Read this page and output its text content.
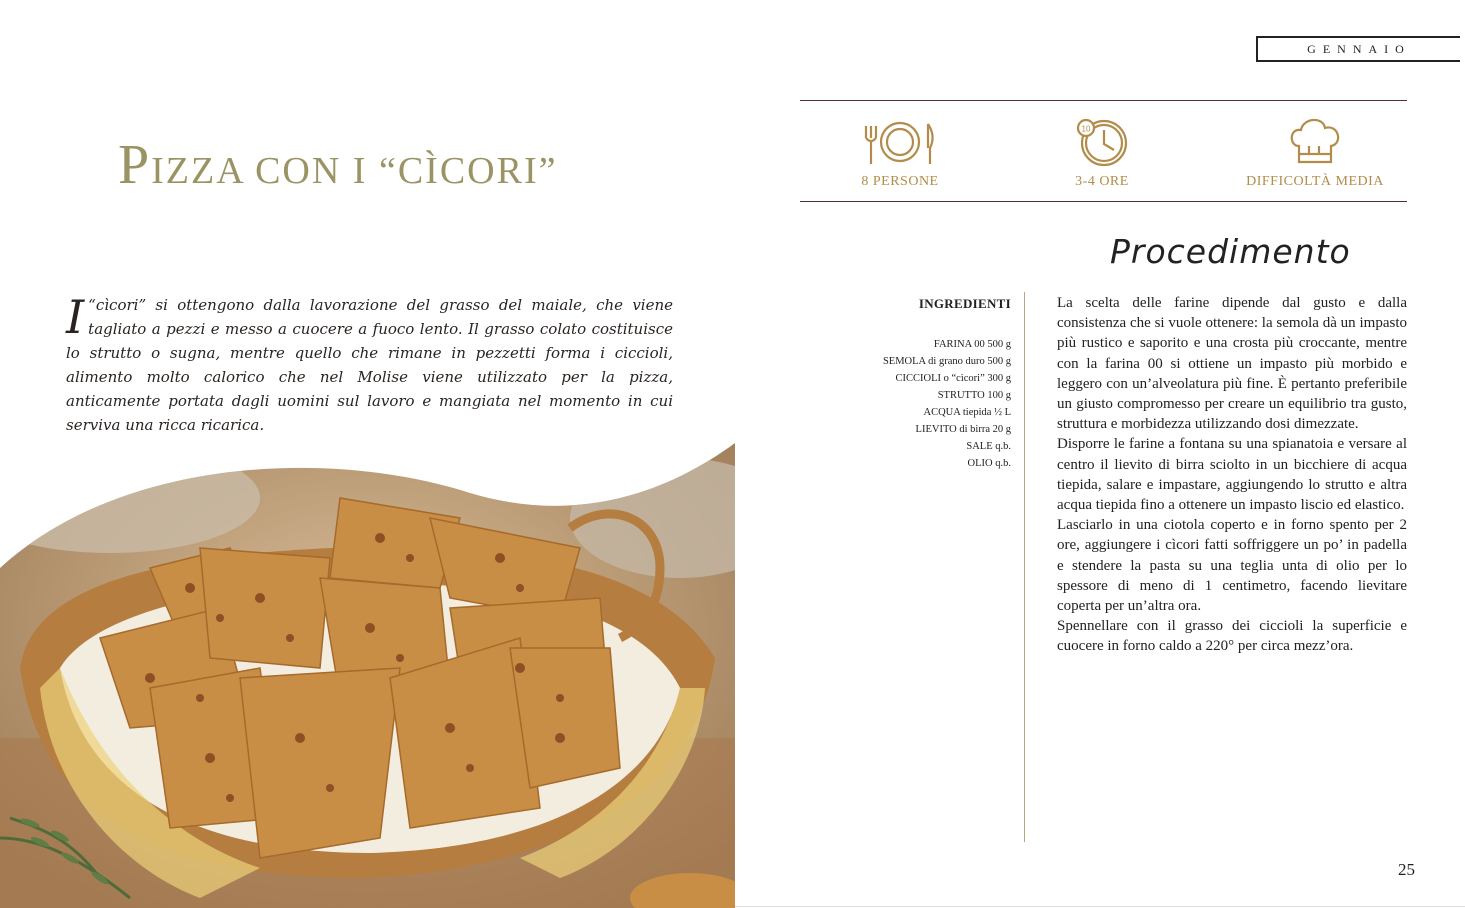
GENNAIO
PIZZA CON I “CÌCORI”
I “cìcori” si ottengono dalla lavorazione del grasso del maiale, che viene tagliato a pezzi e messo a cuocere a fuoco lento. Il grasso colato costituisce lo strutto o sugna, mentre quello che rimane in pezzetti forma i ciccioli, alimento molto calorico che nel Molise viene utilizzato per la pizza, anticamente portata dagli uomini sul lavoro e mangiata nel momento in cui serviva una ricca ricarica.
8 PERSONE
10
3-4 ORE	DIFFICOLTÀ MEDIA
Procedimento
INGREDIENTI
FARINA 00 500 g
SEMOLA di grano duro 500 g
CICCIOLI o “cìcori” 300 g
STRUTTO 100 g
ACQUA tiepida ½ L
LIEVITO di birra 20 g
SALE q.b.
OLIO q.b.

La scelta delle farine dipende dal gusto e dalla consistenza che si vuole ottenere: la semola dà un impasto più rustico e saporito e una crosta più croccante, mentre con la farina 00 si ottiene un impasto più morbido e leggero con un’alveolatura più fine. È pertanto preferibile un giusto compromesso per creare un equilibrio tra gusto, struttura e morbidezza utilizzando dosi dimezzate.

Disporre le farine a fontana su una spianatoia e versare al centro il lievito di birra sciolto in un bicchiere di acqua tiepida, salare e impastare, aggiungendo lo strutto e altra acqua tiepida fino a ottenere un impasto liscio ed elastico.

Lasciarlo in una ciotola coperto e in forno spento per 2 ore, aggiungere i cìcori fatti soffriggere un po’ in padella e stendere la pasta su una teglia unta di olio per lo spessore di meno di 1 centimetro, facendo lievitare coperta per un’altra ora.

Spennellare con il grasso dei ciccioli la superficie e cuocere in forno caldo a 220° per circa mezz’ora.

25
